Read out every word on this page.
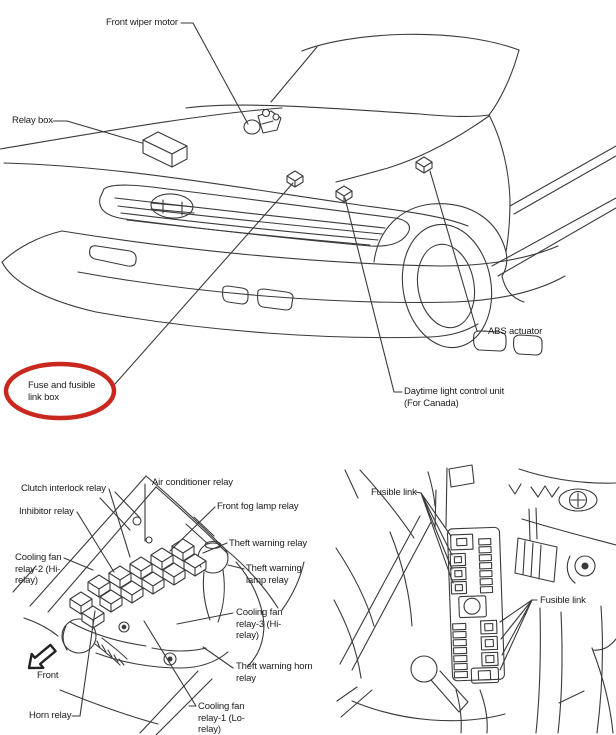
Front wiper motor
Relay box
ABS actuator
Daytime light control unit
(For Canada)
Fuse and fusible link box
Clutch interlock relay
Air conditioner relay
Inhibitor relay	Front fog lamp relay
Theft warning relay
Theft warning lamp relay
Cooling fan relay-2 (Hi-relay)
Cooling fan relay-3 (Hi-relay)
Theft warning horn relay
Cooling fan relay-1 (Lo-relay)
Horn relay
Front
Fusible link
Fusible link
